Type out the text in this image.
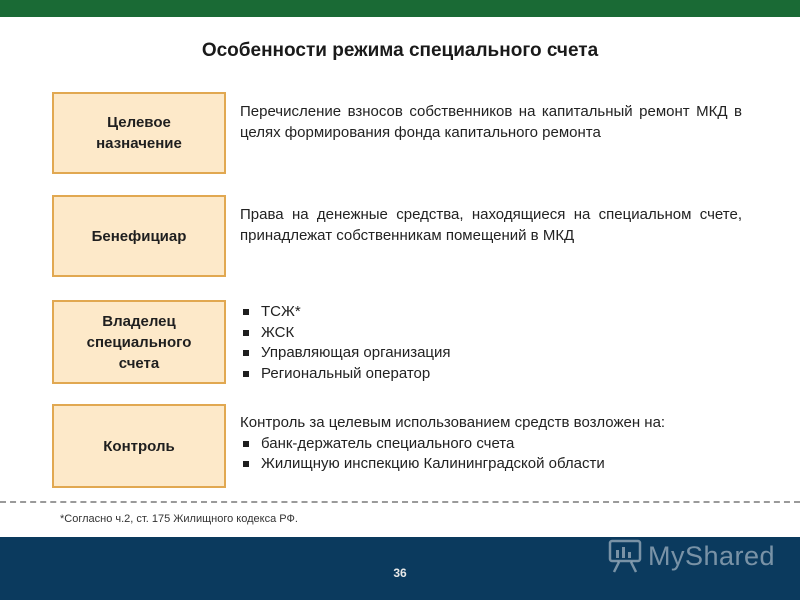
Особенности режима специального счета
Целевое
назначение
Перечисление взносов собственников на капитальный ремонт МКД в целях формирования фонда капитального ремонта
Бенефициар
Права на денежные средства, находящиеся на специальном счете, принадлежат собственникам помещений в МКД
Владелец
специального
счета
ТСЖ*
ЖСК
Управляющая организация
Региональный оператор
Контроль
Контроль за целевым использованием средств возложен на:
банк-держатель специального счета
Жилищную инспекцию Калининградской области
*Согласно ч.2, ст. 175 Жилищного кодекса РФ.
36
MyShared
